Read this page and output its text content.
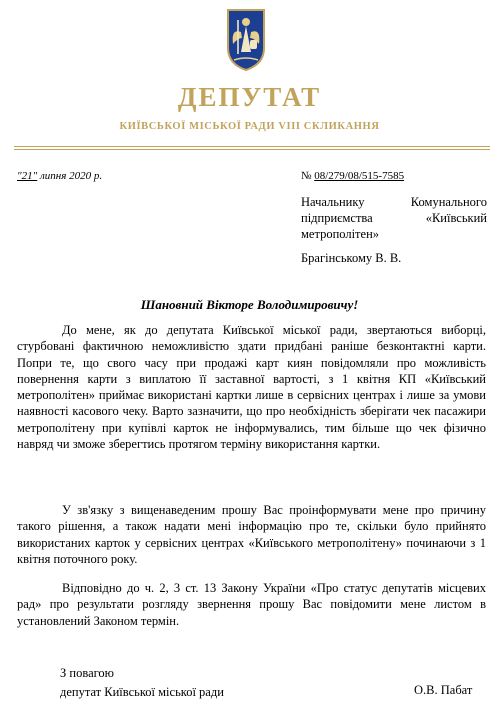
ДЕПУТАТ
КИЇВСЬКОЇ МІСЬКОЇ РАДИ VIII СКЛИКАННЯ
"21" липня 2020 р.	№ 08/279/08/515-7585
Начальнику Комунального підприємства «Київський метрополітен»
Брагінському В. В.
Шановний Вікторе Володимировичу!
До мене, як до депутата Київської міської ради, звертаються виборці, стурбовані фактичною неможливістю здати придбані раніше безконтактні карти. Попри те, що свого часу при продажі карт киян повідомляли про можливість повернення карти з виплатою її заставної вартості, з 1 квітня КП «Київський метрополітен» приймає використані картки лише в сервісних центрах і лише за умови наявності касового чеку. Варто зазначити, що про необхідність зберігати чек пасажири метрополітену при купівлі карток не інформувались, тим більше що чек фізично навряд чи зможе зберегтись протягом терміну використання картки.
У зв'язку з вищенаведеним прошу Вас проінформувати мене про причину такого рішення, а також надати мені інформацію про те, скільки було прийнято використаних карток у сервісних центрах «Київського метрополітену» починаючи з 1 квітня поточного року.
Відповідно до ч. 2, 3 ст. 13 Закону України «Про статус депутатів місцевих рад» про результати розгляду звернення прошу Вас повідомити мене листом в установлений Законом термін.
З повагою
депутат Київської міської ради	О.В. Пабат
